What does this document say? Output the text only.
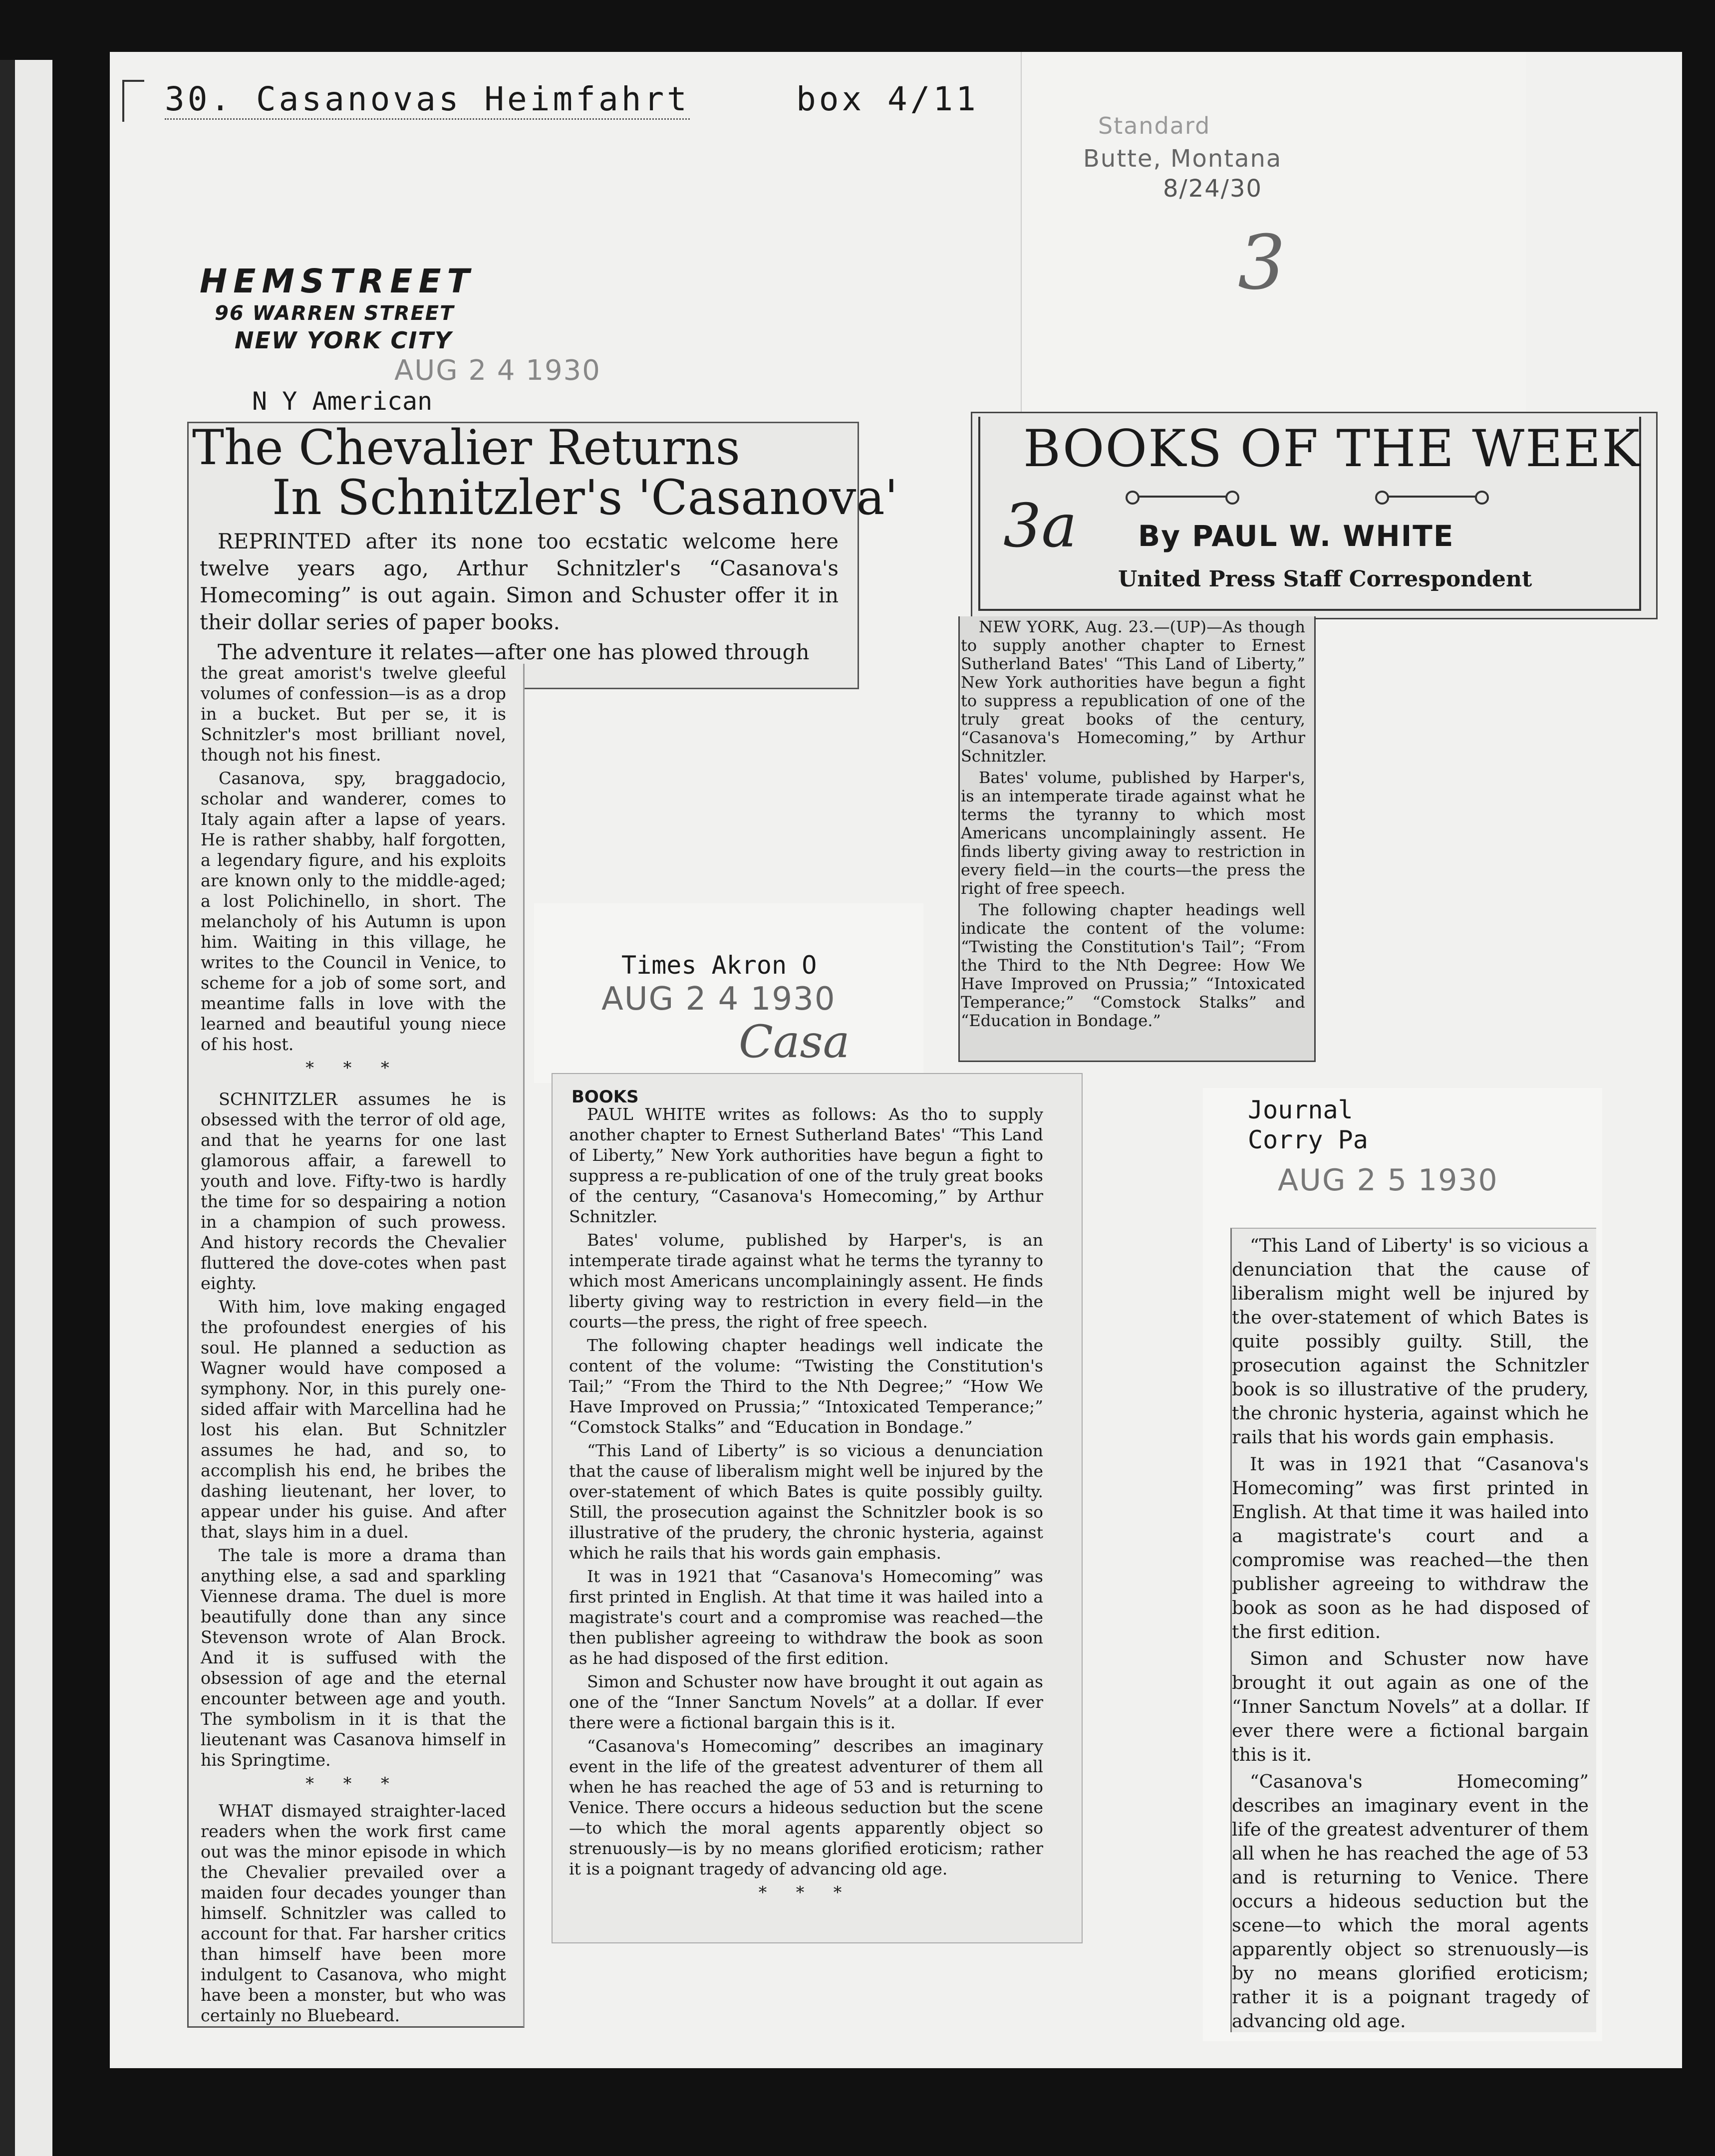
30. Casanovas Heimfahrt	box 4/11
Standard
Butte, Montana
8/24/30
3
HEMSTREET
96 WARREN STREET
NEW YORK CITY
AUG 2 4 1930
N Y American
The Chevalier Returns
In Schnitzler's 'Casanova'

REPRINTED after its none too ecstatic welcome here twelve years ago, Arthur Schnitzler's “Casanova's Homecoming” is out again. Simon and Schuster offer it in their dollar series of paper books.

The adventure it relates—after one has plowed through

the great amorist's twelve gleeful volumes of confession—is as a drop in a bucket. But per se, it is Schnitzler's most brilliant novel, though not his finest.

Casanova, spy, braggadocio, scholar and wanderer, comes to Italy again after a lapse of years. He is rather shabby, half forgotten, a legendary figure, and his exploits are known only to the middle-aged; a lost Polichinello, in short. The melancholy of his Autumn is upon him. Waiting in this village, he writes to the Council in Venice, to scheme for a job of some sort, and meantime falls in love with the learned and beautiful young niece of his host.

* * *

SCHNITZLER assumes he is obsessed with the terror of old age, and that he yearns for one last glamorous affair, a farewell to youth and love. Fifty-two is hardly the time for so despairing a notion in a champion of such prowess. And history records the Chevalier fluttered the dove-cotes when past eighty.

With him, love making engaged the profoundest energies of his soul. He planned a seduction as Wagner would have composed a symphony. Nor, in this purely one-sided affair with Marcellina had he lost his elan. But Schnitzler assumes he had, and so, to accomplish his end, he bribes the dashing lieutenant, her lover, to appear under his guise. And after that, slays him in a duel.

The tale is more a drama than anything else, a sad and sparkling Viennese drama. The duel is more beautifully done than any since Stevenson wrote of Alan Brock. And it is suffused with the obsession of age and the eternal encounter between age and youth. The symbolism in it is that the lieutenant was Casanova himself in his Springtime.

* * *

WHAT dismayed straighter-laced readers when the work first came out was the minor episode in which the Chevalier prevailed over a maiden four decades younger than himself. Schnitzler was called to account for that. Far harsher critics than himself have been more indulgent to Casanova, who might have been a monster, but who was certainly no Bluebeard.

Times Akron O
AUG 2 4 1930
Casa
BOOKS

PAUL WHITE writes as follows: As tho to supply another chapter to Ernest Sutherland Bates' “This Land of Liberty,” New York authorities have begun a fight to suppress a re-publication of one of the truly great books of the century, “Casanova's Homecoming,” by Arthur Schnitzler.

Bates' volume, published by Harper's, is an intemperate tirade against what he terms the tyranny to which most Americans uncomplainingly assent. He finds liberty giving way to restriction in every field—in the courts—the press, the right of free speech.

The following chapter headings well indicate the content of the volume: “Twisting the Constitution's Tail;” “From the Third to the Nth Degree;” “How We Have Improved on Prussia;” “Intoxicated Temperance;” “Comstock Stalks” and “Education in Bondage.”

“This Land of Liberty” is so vicious a denunciation that the cause of liberalism might well be injured by the over-statement of which Bates is quite possibly guilty. Still, the prosecution against the Schnitzler book is so illustrative of the prudery, the chronic hysteria, against which he rails that his words gain emphasis.

It was in 1921 that “Casanova's Homecoming” was first printed in English. At that time it was hailed into a magistrate's court and a compromise was reached—the then publisher agreeing to withdraw the book as soon as he had disposed of the first edition.

Simon and Schuster now have brought it out again as one of the “Inner Sanctum Novels” at a dollar. If ever there were a fictional bargain this is it.

“Casanova's Homecoming” describes an imaginary event in the life of the greatest adventurer of them all when he has reached the age of 53 and is returning to Venice. There occurs a hideous seduction but the scene—to which the moral agents apparently object so strenuously—is by no means glorified eroticism; rather it is a poignant tragedy of advancing old age.

* * *

BOOKS OF THE WEEK
3a By PAUL W. WHITE
United Press Staff Correspondent

NEW YORK, Aug. 23.—(UP)—As though to supply another chapter to Ernest Sutherland Bates' “This Land of Liberty,” New York authorities have begun a fight to suppress a republication of one of the truly great books of the century, “Casanova's Homecoming,” by Arthur Schnitzler.

Bates' volume, published by Harper's, is an intemperate tirade against what he terms the tyranny to which most Americans uncomplainingly assent. He finds liberty giving away to restriction in every field—in the courts—the press the right of free speech.

The following chapter headings well indicate the content of the volume: “Twisting the Constitution's Tail”; “From the Third to the Nth Degree: How We Have Improved on Prussia;” “Intoxicated Temperance;” “Comstock Stalks” and “Education in Bondage.”

Journal
Corry Pa
AUG 2 5 1930

“This Land of Liberty' is so vicious a denunciation that the cause of liberalism might well be injured by the over-statement of which Bates is quite possibly guilty. Still, the prosecution against the Schnitzler book is so illustrative of the prudery, the chronic hysteria, against which he rails that his words gain emphasis.

It was in 1921 that “Casanova's Homecoming” was first printed in English. At that time it was hailed into a magistrate's court and a compromise was reached—the then publisher agreeing to withdraw the book as soon as he had disposed of the first edition.

Simon and Schuster now have brought it out again as one of the “Inner Sanctum Novels” at a dollar. If ever there were a fictional bargain this is it.

“Casanova's Homecoming” describes an imaginary event in the life of the greatest adventurer of them all when he has reached the age of 53 and is returning to Venice. There occurs a hideous seduction but the scene—to which the moral agents apparently object so strenuously—is by no means glorified eroticism; rather it is a poignant tragedy of advancing old age.
